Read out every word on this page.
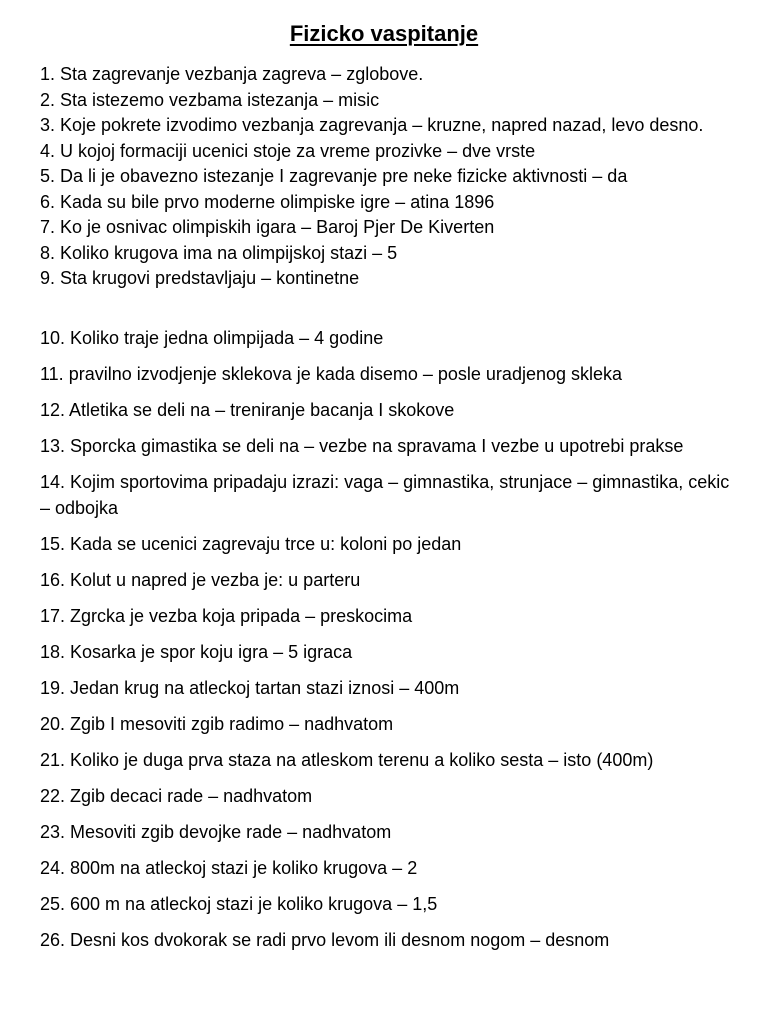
Fizicko vaspitanje
1. Sta zagrevanje vezbanja zagreva – zglobove.
2. Sta istezemo vezbama istezanja – misic
3. Koje pokrete izvodimo vezbanja zagrevanja – kruzne, napred nazad, levo desno.
4. U kojoj formaciji ucenici stoje za vreme prozivke – dve vrste
5. Da li je obavezno istezanje I zagrevanje pre neke fizicke aktivnosti – da
6. Kada su bile prvo moderne olimpiske igre – atina 1896
7. Ko je osnivac olimpiskih igara – Baroj Pjer De Kiverten
8. Koliko krugova ima na olimpijskoj stazi – 5
9. Sta krugovi predstavljaju – kontinetne
10. Koliko traje jedna olimpijada – 4 godine
11. pravilno izvodjenje sklekova je kada disemo – posle uradjenog skleka
12. Atletika se deli na – treniranje bacanja I skokove
13. Sporcka gimastika se deli na – vezbe na spravama I vezbe u upotrebi prakse
14. Kojim sportovima pripadaju izrazi: vaga – gimnastika, strunjace – gimnastika, cekic – odbojka
15. Kada se ucenici zagrevaju trce u: koloni po jedan
16. Kolut u napred je vezba je: u parteru
17. Zgrcka je vezba koja pripada – preskocima
18. Kosarka je spor koju igra – 5 igraca
19. Jedan krug na atleckoj tartan stazi iznosi – 400m
20. Zgib I mesoviti zgib radimo – nadhvatom
21. Koliko je duga prva staza na atleskom terenu a koliko sesta – isto (400m)
22. Zgib decaci rade – nadhvatom
23. Mesoviti zgib devojke rade – nadhvatom
24. 800m na atleckoj stazi je koliko krugova – 2
25. 600 m na atleckoj stazi je koliko krugova – 1,5
26. Desni kos dvokorak se radi prvo levom ili desnom nogom – desnom
